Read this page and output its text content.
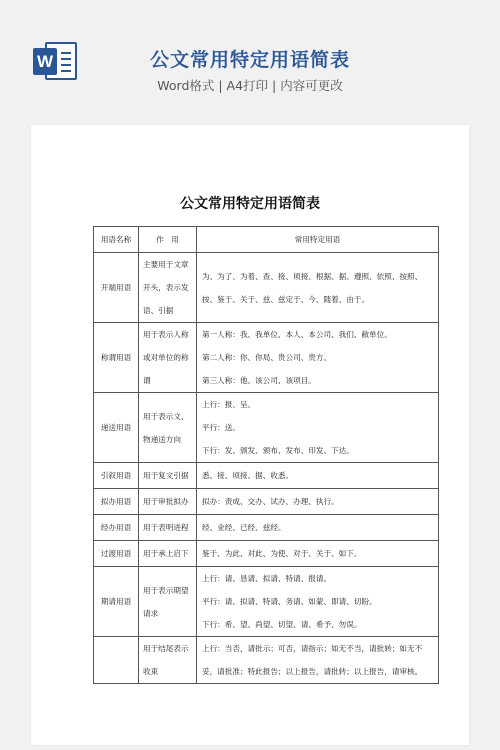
W	公文常用特定用语简表
Word格式 | A4打印 | 内容可更改
公文常用特定用语简表
用语名称	作　用	常用特定用语
开端用语	主要用于文章开头，表示发语、引据	为、为了、为着、查、接、顷接、根据、据、遵照、依照、按照、按、鉴于、关于、兹、兹定于、今、随着、由于。

称谓用语	用于表示人称或对单位的称谓	第一人称：我、我单位、本人、本公司、我们、敝单位。
第二人称：你、你局、贵公司、贵方。
第三人称：他、该公司、该项目。

递送用语	用于表示文、物递送方向	上行：报、呈。
平行：送。
下行：发、颁发、颁布、发布、印发、下达。

引叙用语	用于复文引据	悉、接、顷接、据、收悉。

拟办用语	用于审批拟办	拟办：责成、交办、试办、办理、执行。

经办用语	用于表明进程	经、业经、已经、兹经。

过渡用语	用于承上启下	鉴于、为此、对此、为使、对于、关于、如下。

期请用语	用于表示期望请求	上行：请、恳请、拟请、特请、报请。
平行：请、拟请、特请、务请、如蒙、即请、切盼。
下行：希、望、尚望、切望、请、希予、勿误。

	用于结尾表示收束	上行：当否，请批示；可否，请指示；如无不当，请批转；如无不妥，请批准；特此报告；以上报告，请批转；以上报告，请审核。
